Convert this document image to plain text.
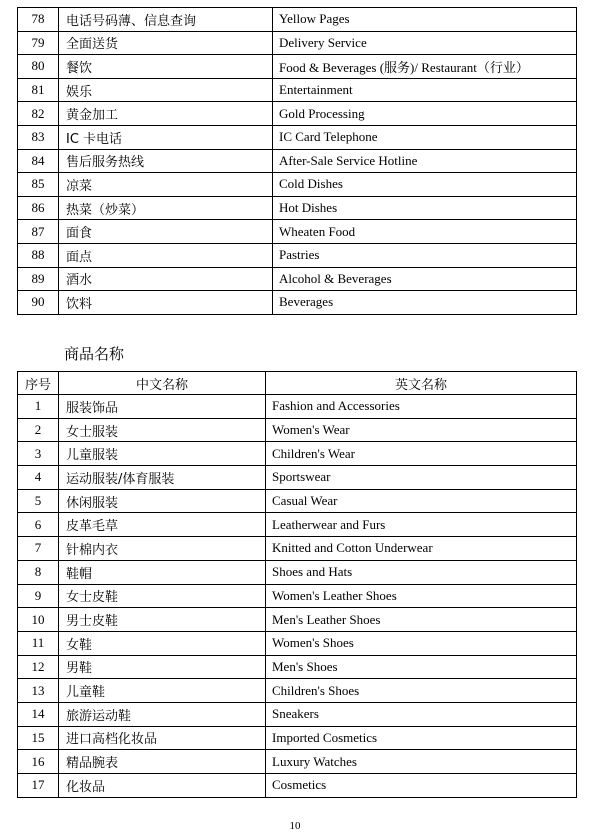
78	电话号码薄、信息查询	Yellow Pages
79	全面送货	Delivery Service
80	餐饮	Food & Beverages (服务)/ Restaurant（行业）
81	娱乐	Entertainment
82	黄金加工	Gold Processing
83	IC 卡电话	IC Card Telephone
84	售后服务热线	After-Sale Service Hotline
85	凉菜	Cold Dishes
86	热菜（炒菜）	Hot Dishes
87	面食	Wheaten Food
88	面点	Pastries
89	酒水	Alcohol & Beverages
90	饮料	Beverages
商品名称
序号	中文名称	英文名称
1	服装饰品	Fashion and Accessories
2	女士服装	Women's Wear
3	儿童服装	Children's Wear
4	运动服装/体育服装	Sportswear
5	休闲服装	Casual Wear
6	皮革毛草	Leatherwear and Furs
7	针棉内衣	Knitted and Cotton Underwear
8	鞋帽	Shoes and Hats
9	女士皮鞋	Women's Leather Shoes
10	男士皮鞋	Men's Leather Shoes
11	女鞋	Women's Shoes
12	男鞋	Men's Shoes
13	儿童鞋	Children's Shoes
14	旅游运动鞋	Sneakers
15	进口高档化妆品	Imported Cosmetics
16	精品腕表	Luxury Watches
17	化妆品	Cosmetics
10
